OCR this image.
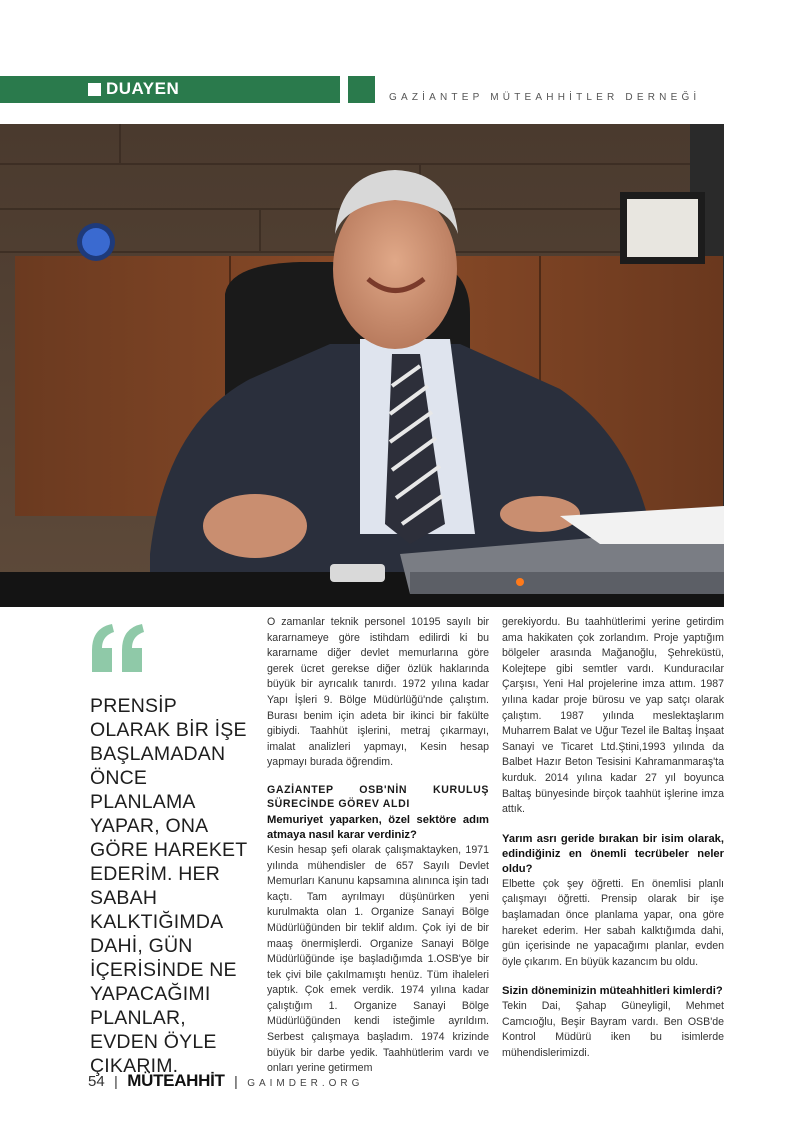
DUAYEN	GAZİANTEP MÜTEAHHİTLER DERNEĞİ
PRENSİP OLARAK BİR İŞE BAŞLAMADAN ÖNCE PLANLAMA YAPAR, ONA GÖRE HAREKET EDERİM. HER SABAH KALKTIĞIMDA DAHİ, GÜN İÇERİSİNDE NE YAPACAĞIMI PLANLAR, EVDEN ÖYLE ÇIKARIM.

O zamanlar teknik personel 10195 sayılı bir kararnameye göre istihdam edilirdi ki bu kararname diğer devlet memurlarına göre gerek ücret gerekse diğer özlük haklarında büyük bir ayrıcalık tanırdı. 1972 yılına kadar Yapı İşleri 9. Bölge Müdürlüğü'nde çalıştım. Burası benim için adeta bir ikinci bir fakülte gibiydi. Taahhüt işlerini, metraj çıkarmayı, imalat analizleri yapmayı, Kesin hesap yapmayı burada öğrendim.

GAZİANTEP OSB'NİN KURULUŞ SÜRECİNDE GÖREV ALDI

Memuriyet yaparken, özel sektöre adım atmaya nasıl karar verdiniz?

Kesin hesap şefi olarak çalışmaktayken, 1971 yılında mühendisler de 657 Sayılı Devlet Memurları Kanunu kapsamına alınınca işin tadı kaçtı. Tam ayrılmayı düşünürken yeni kurulmakta olan 1. Organize Sanayi Bölge Müdürlüğünden bir teklif aldım. Çok iyi de bir maaş önermişlerdi. Organize Sanayi Bölge Müdürlüğünde işe başladığımda 1.OSB'ye bir tek çivi bile çakılmamıştı henüz. Tüm ihaleleri yaptık. Çok emek verdik. 1974 yılına kadar çalıştığım 1. Organize Sanayi Bölge Müdürlüğünden kendi isteğimle ayrıldım. Serbest çalışmaya başladım. 1974 krizinde büyük bir darbe yedik. Taahhütlerim vardı ve onları yerine getirmem

gerekiyordu. Bu taahhütlerimi yerine getirdim ama hakikaten çok zorlandım. Proje yaptığım bölgeler arasında Mağanoğlu, Şehreküstü, Kolejtepe gibi semtler vardı. Kunduracılar Çarşısı, Yeni Hal projelerine imza attım. 1987 yılına kadar proje bürosu ve yap satçı olarak çalıştım. 1987 yılında meslektaşlarım Muharrem Balat ve Uğur Tezel ile Baltaş İnşaat Sanayi ve Ticaret Ltd.Ştini,1993 yılında da Balbet Hazır Beton Tesisini Kahramanmaraş'ta kurduk. 2014 yılına kadar 27 yıl boyunca Baltaş bünyesinde birçok taahhüt işlerine imza attık.

Yarım asrı geride bırakan bir isim olarak, edindiğiniz en önemli tecrübeler neler oldu?

Elbette çok şey öğretti. En önemlisi planlı çalışmayı öğretti. Prensip olarak bir işe başlamadan önce planlama yapar, ona göre hareket ederim. Her sabah kalktığımda dahi, gün içerisinde ne yapacağımı planlar, evden öyle çıkarım. En büyük kazancım bu oldu.

Sizin döneminizin müteahhitleri kimlerdi?

Tekin Dai, Şahap Güneyligil, Mehmet Camcıoğlu, Beşir Bayram vardı. Ben OSB'de Kontrol Müdürü iken bu isimlerde mühendislerimizdi.

54 | MÜTEAHHİT | GAIMDER.ORG
